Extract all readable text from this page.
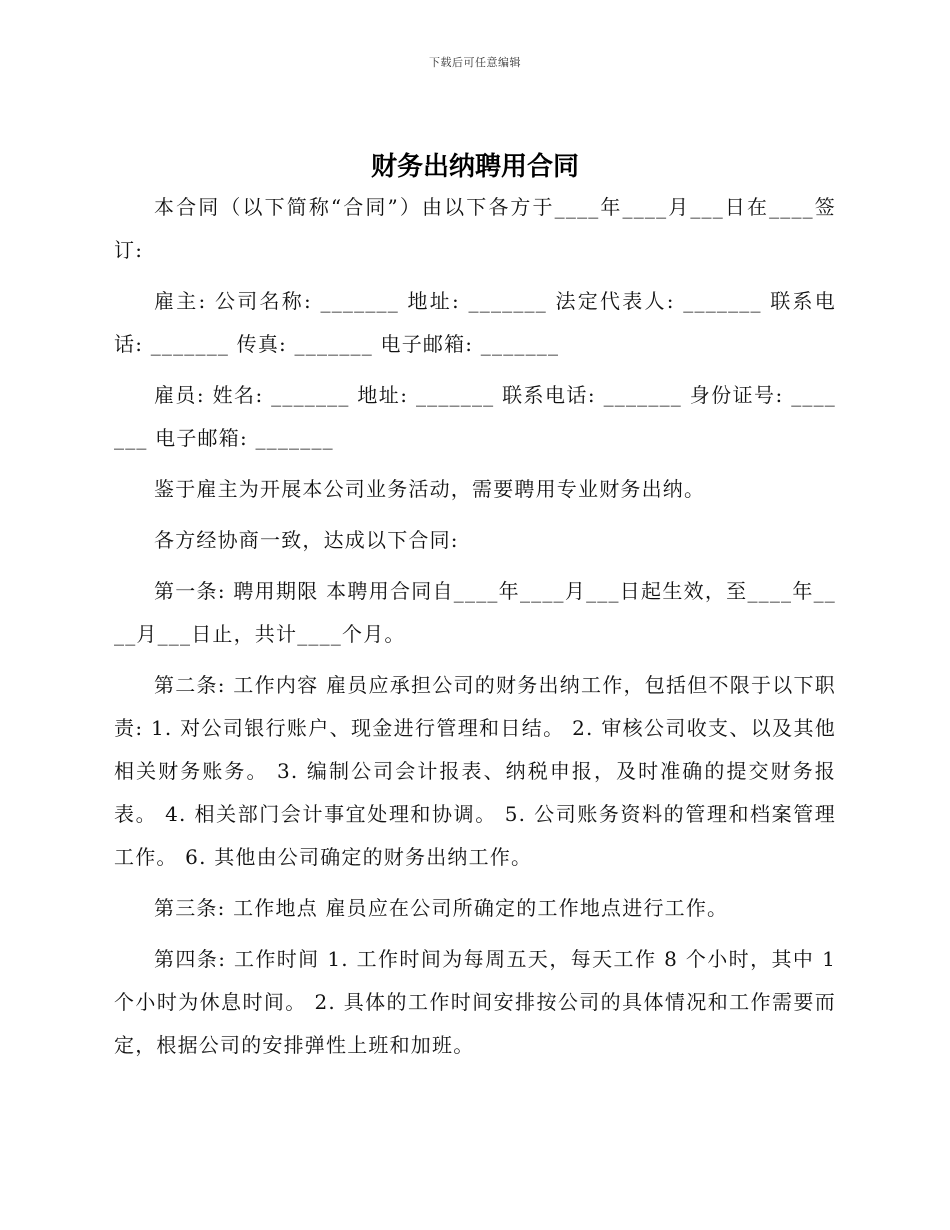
下载后可任意编辑
财务出纳聘用合同

本合同（以下简称“合同”）由以下各方于____年____月___日在____签订:

雇主: 公司名称: _______ 地址: _______ 法定代表人: _______ 联系电话: _______ 传真: _______ 电子邮箱: _______

雇员: 姓名: _______ 地址: _______ 联系电话: _______ 身份证号: _______ 电子邮箱: _______

鉴于雇主为开展本公司业务活动，需要聘用专业财务出纳。

各方经协商一致，达成以下合同:

第一条: 聘用期限 本聘用合同自____年____月___日起生效，至____年____月___日止，共计____个月。

第二条: 工作内容 雇员应承担公司的财务出纳工作，包括但不限于以下职责: 1. 对公司银行账户、现金进行管理和日结。 2. 审核公司收支、以及其他相关财务账务。 3. 编制公司会计报表、纳税申报，及时准确的提交财务报表。 4. 相关部门会计事宜处理和协调。 5. 公司账务资料的管理和档案管理工作。 6. 其他由公司确定的财务出纳工作。

第三条: 工作地点 雇员应在公司所确定的工作地点进行工作。

第四条: 工作时间 1. 工作时间为每周五天，每天工作 8 个小时，其中 1 个小时为休息时间。 2. 具体的工作时间安排按公司的具体情况和工作需要而定，根据公司的安排弹性上班和加班。
